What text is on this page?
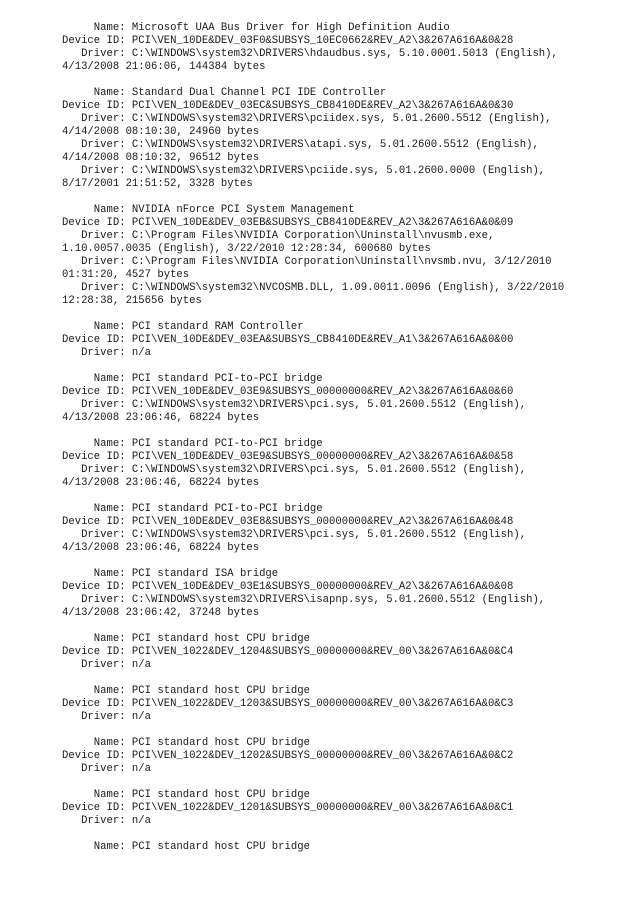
Name: Microsoft UAA Bus Driver for High Definition Audio
Device ID: PCI\VEN_10DE&DEV_03F0&SUBSYS_10EC0662&REV_A2\3&267A616A&0&28
Driver: C:\WINDOWS\system32\DRIVERS\hdaudbus.sys, 5.10.0001.5013 (English),
4/13/2008 21:06:06, 144384 bytes
Name: Standard Dual Channel PCI IDE Controller
Device ID: PCI\VEN_10DE&DEV_03EC&SUBSYS_CB8410DE&REV_A2\3&267A616A&0&30
Driver: C:\WINDOWS\system32\DRIVERS\pciidex.sys, 5.01.2600.5512 (English),
4/14/2008 08:10:30, 24960 bytes
Driver: C:\WINDOWS\system32\DRIVERS\atapi.sys, 5.01.2600.5512 (English),
4/14/2008 08:10:32, 96512 bytes
Driver: C:\WINDOWS\system32\DRIVERS\pciide.sys, 5.01.2600.0000 (English),
8/17/2001 21:51:52, 3328 bytes
Name: NVIDIA nForce PCI System Management
Device ID: PCI\VEN_10DE&DEV_03EB&SUBSYS_CB8410DE&REV_A2\3&267A616A&0&09
Driver: C:\Program Files\NVIDIA Corporation\Uninstall\nvusmb.exe,
1.10.0057.0035 (English), 3/22/2010 12:28:34, 600680 bytes
Driver: C:\Program Files\NVIDIA Corporation\Uninstall\nvsmb.nvu, 3/12/2010
01:31:20, 4527 bytes
Driver: C:\WINDOWS\system32\NVCOSMB.DLL, 1.09.0011.0096 (English), 3/22/2010
12:28:38, 215656 bytes
Name: PCI standard RAM Controller
Device ID: PCI\VEN_10DE&DEV_03EA&SUBSYS_CB8410DE&REV_A1\3&267A616A&0&00
Driver: n/a
Name: PCI standard PCI-to-PCI bridge
Device ID: PCI\VEN_10DE&DEV_03E9&SUBSYS_00000000&REV_A2\3&267A616A&0&60
Driver: C:\WINDOWS\system32\DRIVERS\pci.sys, 5.01.2600.5512 (English),
4/13/2008 23:06:46, 68224 bytes
Name: PCI standard PCI-to-PCI bridge
Device ID: PCI\VEN_10DE&DEV_03E9&SUBSYS_00000000&REV_A2\3&267A616A&0&58
Driver: C:\WINDOWS\system32\DRIVERS\pci.sys, 5.01.2600.5512 (English),
4/13/2008 23:06:46, 68224 bytes
Name: PCI standard PCI-to-PCI bridge
Device ID: PCI\VEN_10DE&DEV_03E8&SUBSYS_00000000&REV_A2\3&267A616A&0&48
Driver: C:\WINDOWS\system32\DRIVERS\pci.sys, 5.01.2600.5512 (English),
4/13/2008 23:06:46, 68224 bytes
Name: PCI standard ISA bridge
Device ID: PCI\VEN_10DE&DEV_03E1&SUBSYS_00000000&REV_A2\3&267A616A&0&08
Driver: C:\WINDOWS\system32\DRIVERS\isapnp.sys, 5.01.2600.5512 (English),
4/13/2008 23:06:42, 37248 bytes
Name: PCI standard host CPU bridge
Device ID: PCI\VEN_1022&DEV_1204&SUBSYS_00000000&REV_00\3&267A616A&0&C4
Driver: n/a
Name: PCI standard host CPU bridge
Device ID: PCI\VEN_1022&DEV_1203&SUBSYS_00000000&REV_00\3&267A616A&0&C3
Driver: n/a
Name: PCI standard host CPU bridge
Device ID: PCI\VEN_1022&DEV_1202&SUBSYS_00000000&REV_00\3&267A616A&0&C2
Driver: n/a
Name: PCI standard host CPU bridge
Device ID: PCI\VEN_1022&DEV_1201&SUBSYS_00000000&REV_00\3&267A616A&0&C1
Driver: n/a
Name: PCI standard host CPU bridge
